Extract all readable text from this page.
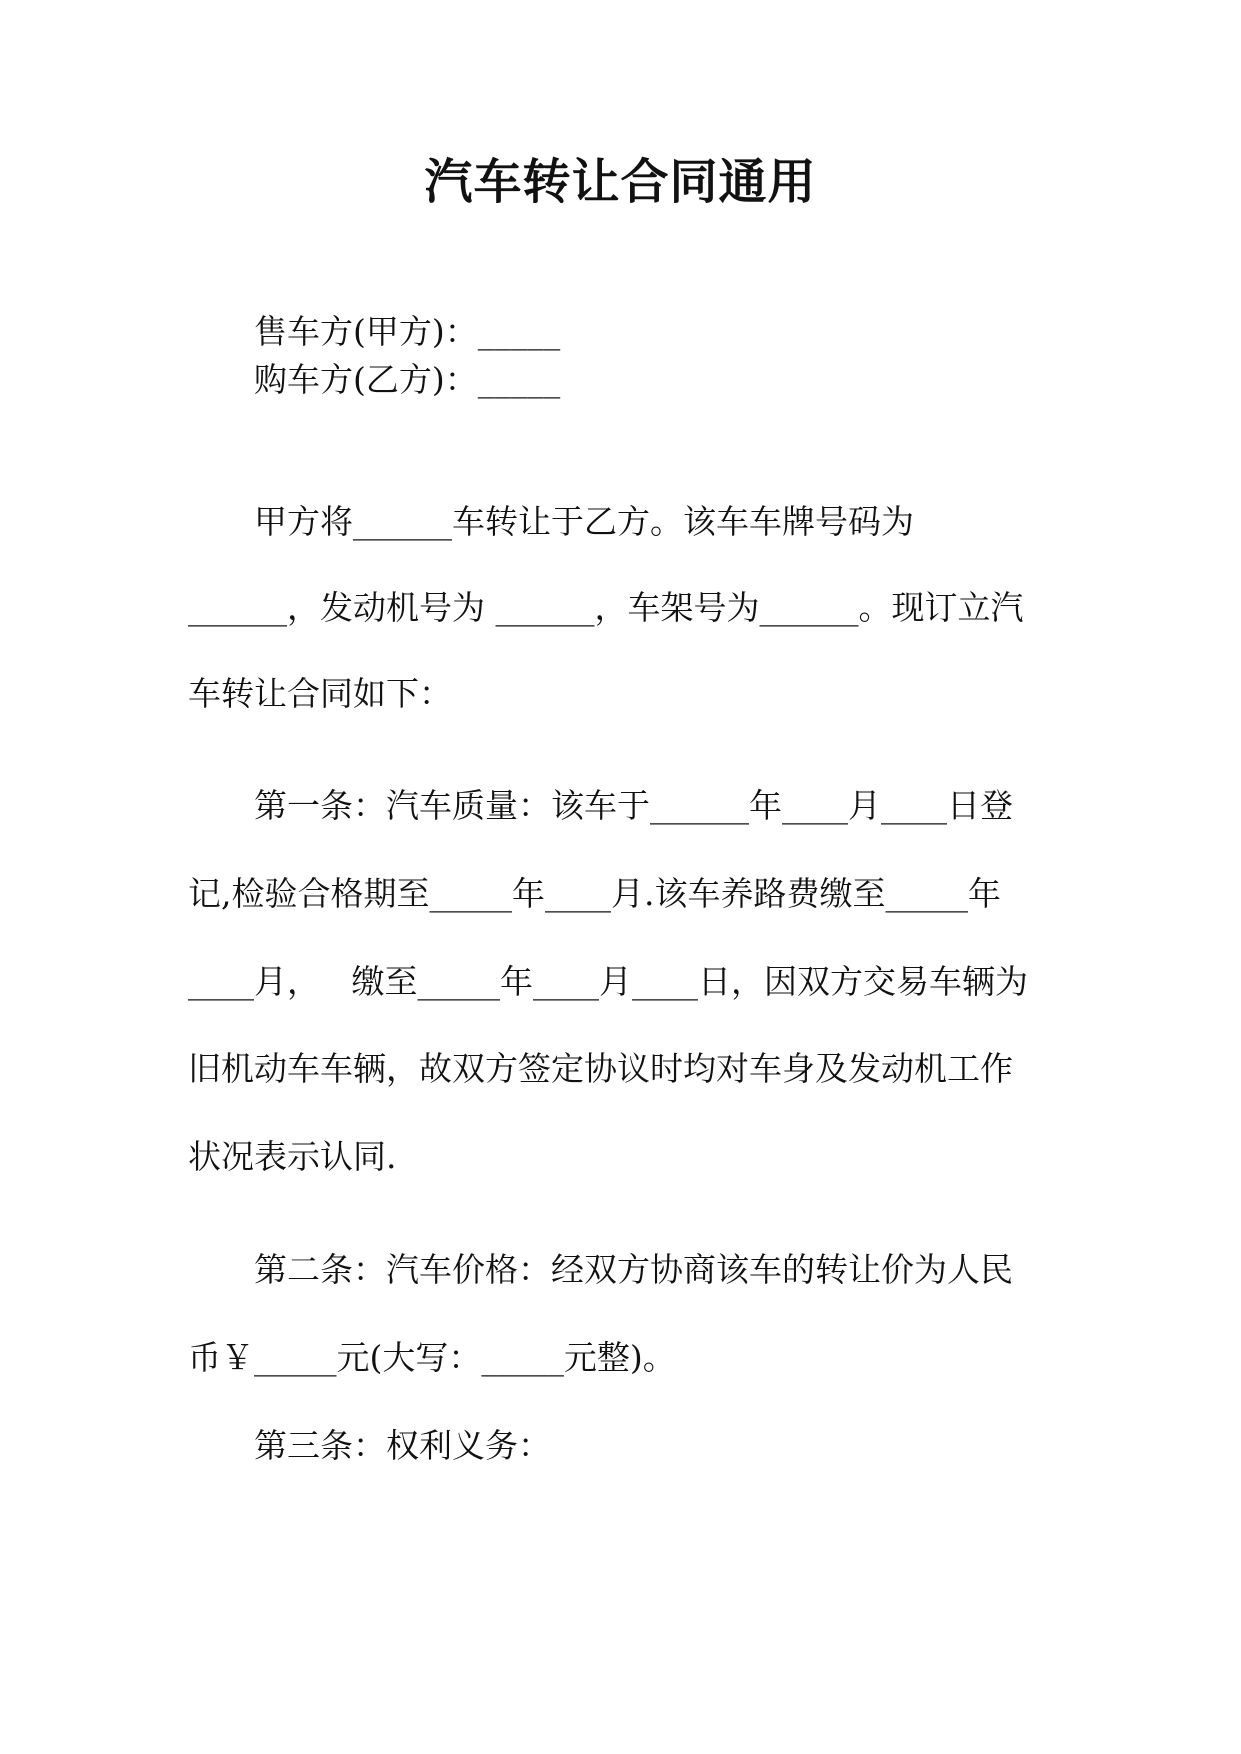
汽车转让合同通用
售车方(甲方)：_____
购车方(乙方)：_____
甲方将______车转让于乙方。该车车牌号码为
______，发动机号为 ______，车架号为______。现订立汽
车转让合同如下：
第一条：汽车质量：该车于______年____月____日登
记,检验合格期至_____年____月.该车养路费缴至_____年
____月，   缴至_____年____月____日，因双方交易车辆为
旧机动车车辆，故双方签定协议时均对车身及发动机工作
状况表示认同.
第二条：汽车价格：经双方协商该车的转让价为人民
币￥_____元(大写：_____元整)。
第三条：权利义务：
